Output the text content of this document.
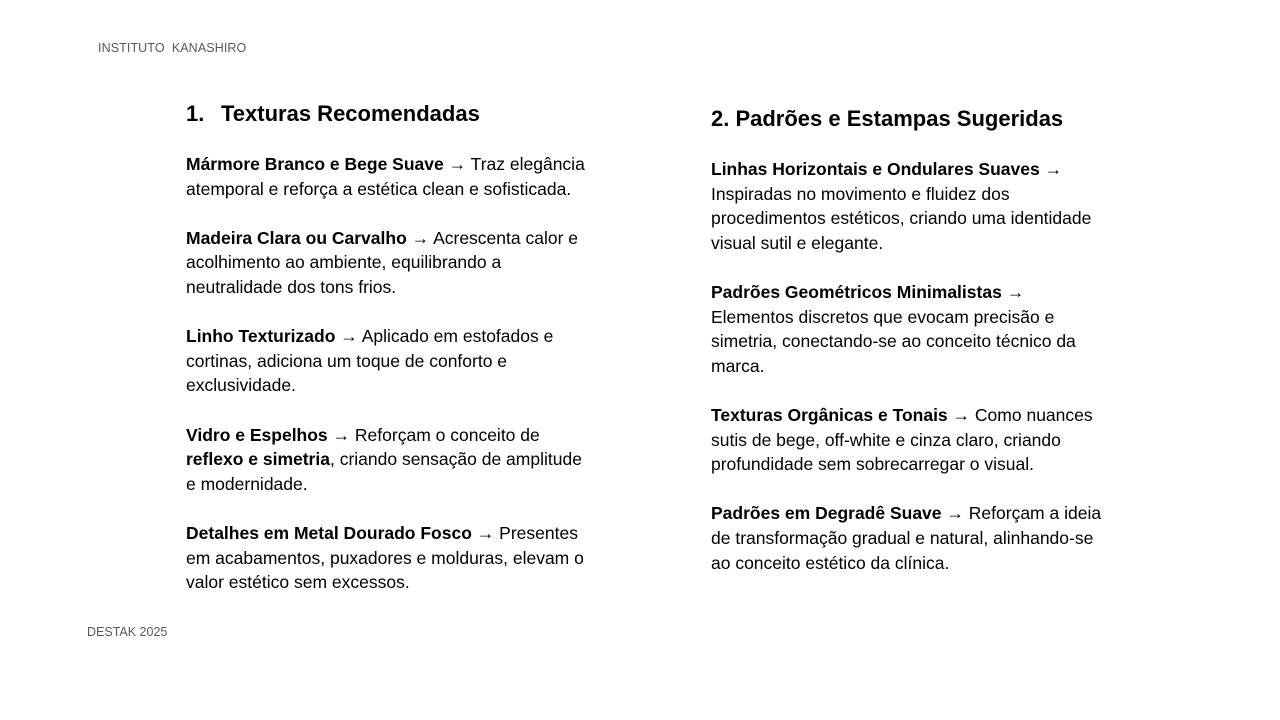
INSTITUTO KANASHIRO
1. Texturas Recomendadas
Mármore Branco e Bege Suave → Traz elegância atemporal e reforça a estética clean e sofisticada.
Madeira Clara ou Carvalho → Acrescenta calor e acolhimento ao ambiente, equilibrando a neutralidade dos tons frios.
Linho Texturizado → Aplicado em estofados e cortinas, adiciona um toque de conforto e exclusividade.
Vidro e Espelhos → Reforçam o conceito de reflexo e simetria, criando sensação de amplitude e modernidade.
Detalhes em Metal Dourado Fosco → Presentes em acabamentos, puxadores e molduras, elevam o valor estético sem excessos.
2. Padrões e Estampas Sugeridas
Linhas Horizontais e Ondulares Suaves → Inspiradas no movimento e fluidez dos procedimentos estéticos, criando uma identidade visual sutil e elegante.
Padrões Geométricos Minimalistas → Elementos discretos que evocam precisão e simetria, conectando-se ao conceito técnico da marca.
Texturas Orgânicas e Tonais → Como nuances sutis de bege, off-white e cinza claro, criando profundidade sem sobrecarregar o visual.
Padrões em Degradê Suave → Reforçam a ideia de transformação gradual e natural, alinhando-se ao conceito estético da clínica.
DESTAK 2025
